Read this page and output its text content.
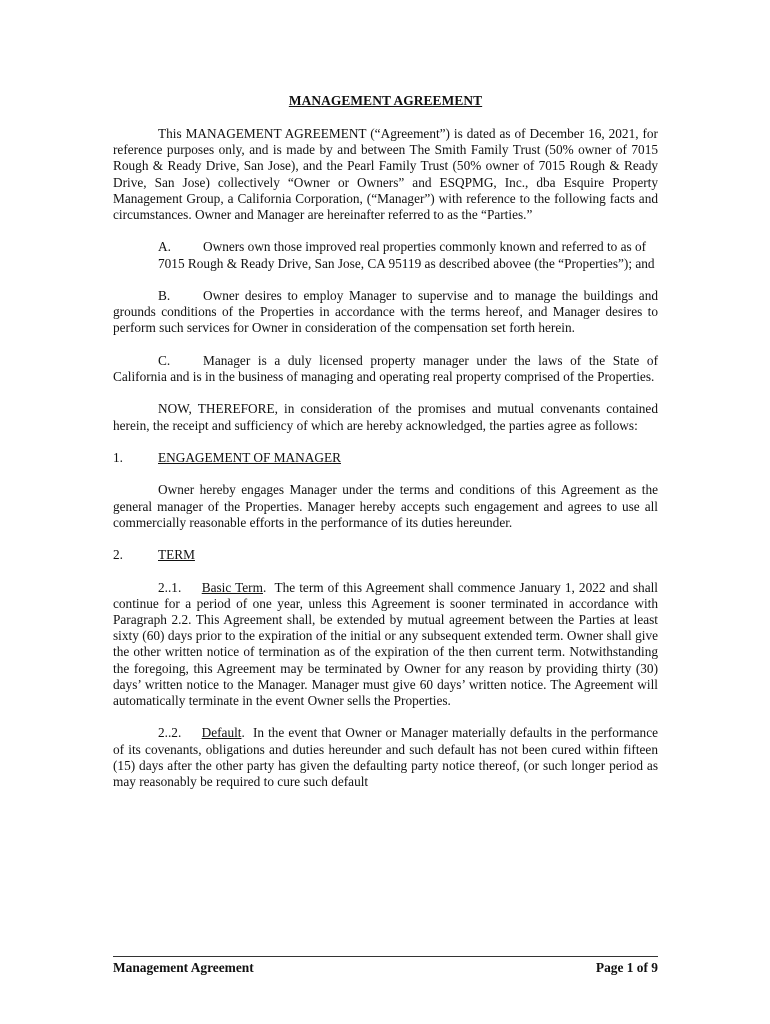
MANAGEMENT AGREEMENT

This MANAGEMENT AGREEMENT (“Agreement”) is dated as of December 16, 2021, for reference purposes only, and is made by and between The Smith Family Trust (50% owner of 7015 Rough & Ready Drive, San Jose), and the Pearl Family Trust (50% owner of 7015 Rough & Ready Drive, San Jose) collectively “Owner or Owners” and ESQPMG, Inc., dba Esquire Property Management Group, a California Corporation, (“Manager”) with reference to the following facts and circumstances. Owner and Manager are hereinafter referred to as the “Parties.”

A. Owners own those improved real properties commonly known and referred to as of 7015 Rough & Ready Drive, San Jose, CA 95119 as described abovee (the “Properties”); and

B. Owner desires to employ Manager to supervise and to manage the buildings and grounds conditions of the Properties in accordance with the terms hereof, and Manager desires to perform such services for Owner in consideration of the compensation set forth herein.

C. Manager is a duly licensed property manager under the laws of the State of California and is in the business of managing and operating real property comprised of the Properties.

NOW, THEREFORE, in consideration of the promises and mutual convenants contained herein, the receipt and sufficiency of which are hereby acknowledged, the parties agree as follows:

1.	ENGAGEMENT OF MANAGER

Owner hereby engages Manager under the terms and conditions of this Agreement as the general manager of the Properties. Manager hereby accepts such engagement and agrees to use all commercially reasonable efforts in the performance of its duties hereunder.

2.	TERM

2..1. Basic Term.  The term of this Agreement shall commence January 1, 2022 and shall continue for a period of one year, unless this Agreement is sooner terminated in accordance with Paragraph 2.2. This Agreement shall, be extended by mutual agreement between the Parties at least sixty (60) days prior to the expiration of the initial or any subsequent extended term. Owner shall give the other written notice of termination as of the expiration of the then current term. Notwithstanding the foregoing, this Agreement may be terminated by Owner for any reason by providing thirty (30) days’ written notice to the Manager. Manager must give 60 days’ written notice. The Agreement will automatically terminate in the event Owner sells the Properties.

2..2. Default.  In the event that Owner or Manager materially defaults in the performance of its covenants, obligations and duties hereunder and such default has not been cured within fifteen (15) days after the other party has given the defaulting party notice thereof, (or such longer period as may reasonably be required to cure such default

Management Agreement	Page 1 of 9
